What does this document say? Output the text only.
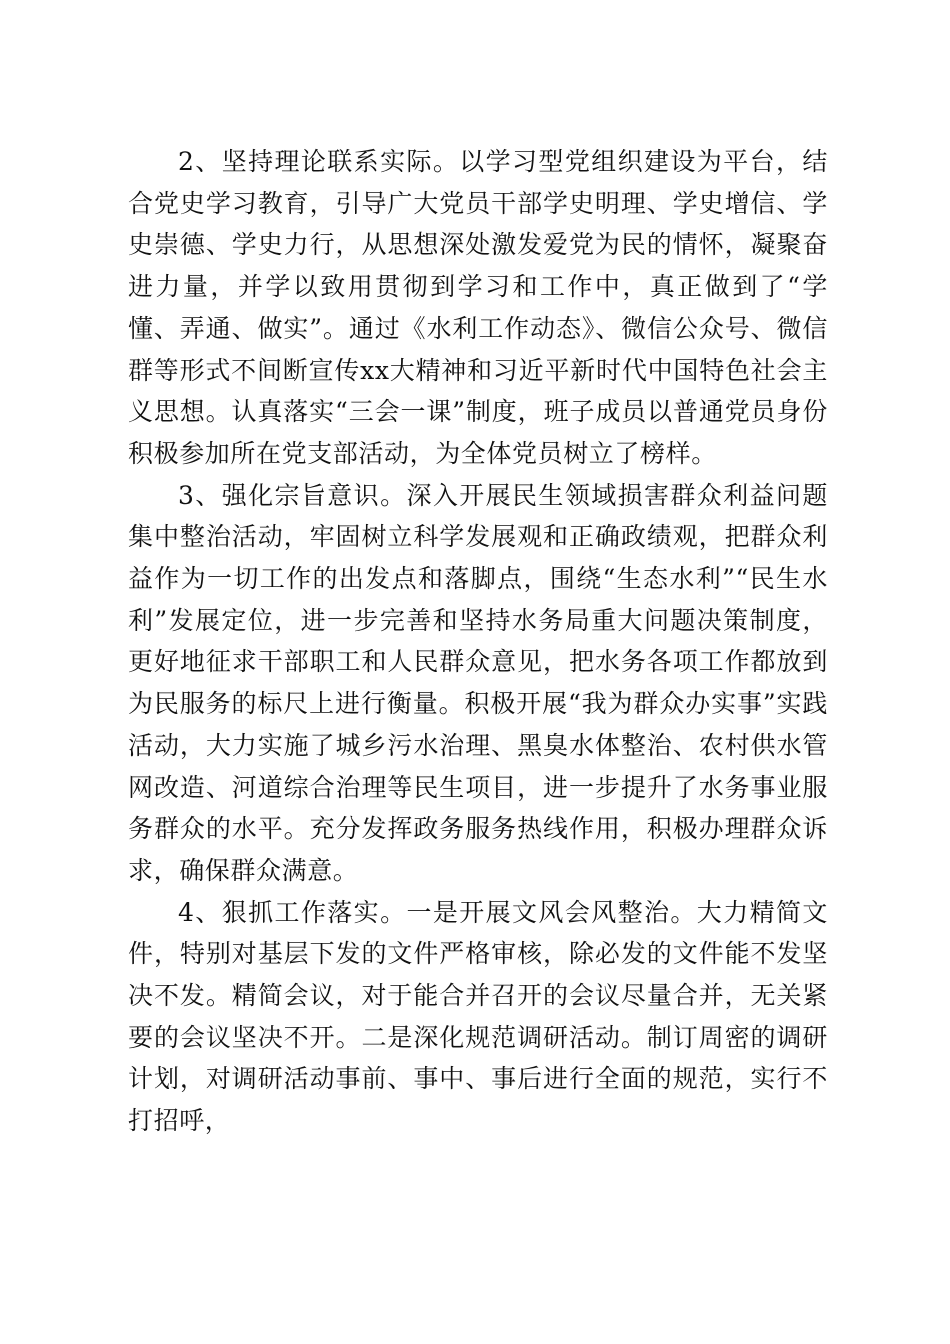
2、坚持理论联系实际。以学习型党组织建设为平台，结合党史学习教育，引导广大党员干部学史明理、学史增信、学史崇德、学史力行，从思想深处激发爱党为民的情怀，凝聚奋进力量，并学以致用贯彻到学习和工作中，真正做到了“学懂、弄通、做实”。通过《水利工作动态》、微信公众号、微信群等形式不间断宣传xx大精神和习近平新时代中国特色社会主义思想。认真落实“三会一课”制度，班子成员以普通党员身份积极参加所在党支部活动，为全体党员树立了榜样。

3、强化宗旨意识。深入开展民生领域损害群众利益问题集中整治活动，牢固树立科学发展观和正确政绩观，把群众利益作为一切工作的出发点和落脚点，围绕“生态水利”“民生水利”发展定位，进一步完善和坚持水务局重大问题决策制度，更好地征求干部职工和人民群众意见，把水务各项工作都放到为民服务的标尺上进行衡量。积极开展“我为群众办实事”实践活动，大力实施了城乡污水治理、黑臭水体整治、农村供水管网改造、河道综合治理等民生项目，进一步提升了水务事业服务群众的水平。充分发挥政务服务热线作用，积极办理群众诉求，确保群众满意。

4、狠抓工作落实。一是开展文风会风整治。大力精简文件，特别对基层下发的文件严格审核，除必发的文件能不发坚决不发。精简会议，对于能合并召开的会议尽量合并，无关紧要的会议坚决不开。二是深化规范调研活动。制订周密的调研计划，对调研活动事前、事中、事后进行全面的规范，实行不打招呼，
